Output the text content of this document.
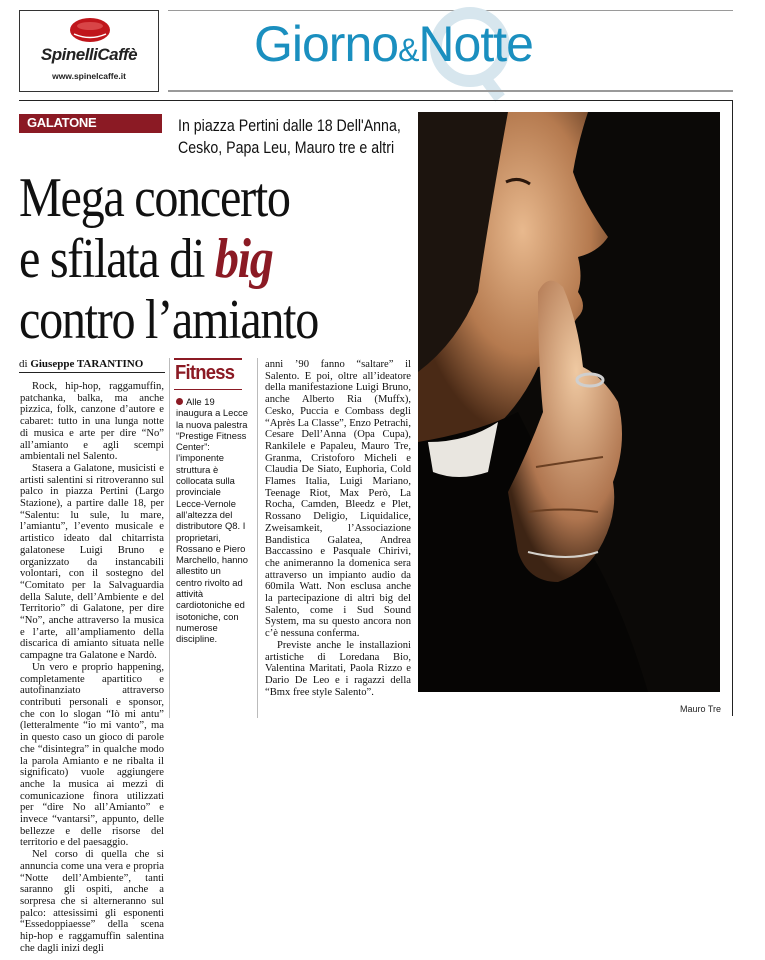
SpinelliCaffè
www.spinelcaffe.it
Giorno&Notte
GALATONE	In piazza Pertini dalle 18 Dell'Anna, Cesko, Papa Leu, Mauro tre e altri
Mega concerto
e sfilata di big
contro l’amianto
Mauro Tre
di Giuseppe TARANTINO

Rock, hip-hop, raggamuffin, patchanka, balka, ma anche pizzica, folk, canzone d’autore e cabaret: tutto in una lunga notte di musica e arte per dire “No” all’amianto e agli scempi ambientali nel Salento.

Stasera a Galatone, musicisti e artisti salentini si ritroveranno sul palco in piazza Pertini (Largo Stazione), a partire dalle 18, per “Salentu: lu sule, lu mare, l’amiantu”, l’evento musicale e artistico ideato dal chitarrista galatonese Luigi Bruno e organizzato da instancabili volontari, con il sostegno del “Comitato per la Salvaguardia della Salute, dell’Ambiente e del Territorio” di Galatone, per dire “No”, anche attraverso la musica e l’arte, all’ampliamento della discarica di amianto situata nelle campagne tra Galatone e Nardò.

Un vero e proprio happening, completamente apartitico e autofinanziato attraverso contributi personali e sponsor, che con lo slogan “Iò mi antu” (letteralmente “io mi vanto”, ma in questo caso un gioco di parole che “disintegra” in qualche modo la parola Amianto e ne ribalta il significato) vuole aggiungere anche la musica ai mezzi di comunicazione finora utilizzati per “dire No all’Amianto” e invece “vantarsi”, appunto, delle bellezze e delle risorse del territorio e del paesaggio.

Nel corso di quella che si annuncia come una vera e propria “Notte dell’Ambiente”, tanti saranno gli ospiti, anche a sorpresa che si alterneranno sul palco: attesissimi gli esponenti “Essedoppiaesse” della scena hip-hop e raggamuffin salentina che dagli inizi degli

Fitness
Alle 19 inaugura a Lecce la nuova palestra “Prestige Fitness Center”: l’imponente struttura è collocata sulla provinciale Lecce-Vernole all’altezza del distributore Q8. I proprietari, Rossano e Piero Marchello, hanno allestito un centro rivolto ad attività cardiotoniche ed isotoniche, con numerose discipline.

anni ’90 fanno “saltare” il Salento. E poi, oltre all’ideatore della manifestazione Luigi Bruno, anche Alberto Ria (Muffx), Cesko, Puccia e Combass degli “Après La Classe”, Enzo Petrachi, Cesare Dell’Anna (Opa Cupa), Rankilele e Papaleu, Mauro Tre, Granma, Cristoforo Micheli e Claudia De Siato, Euphoria, Cold Flames Italia, Luigi Mariano, Teenage Riot, Max Però, La Rocha, Camden, Bleedz e Plet, Rossano Deligio, Liquidalice, Zweisamkeit, l’Associazione Bandistica Galatea, Andrea Baccassino e Pasquale Chirivì, che animeranno la domenica sera attraverso un impianto audio da 60mila Watt. Non esclusa anche la partecipazione di altri big del Salento, come i Sud Sound System, ma su questo ancora non c’è nessuna conferma.

Previste anche le installazioni artistiche di Loredana Bio, Valentina Maritati, Paola Rizzo e Dario De Leo e i ragazzi della “Bmx free style Salento”.
